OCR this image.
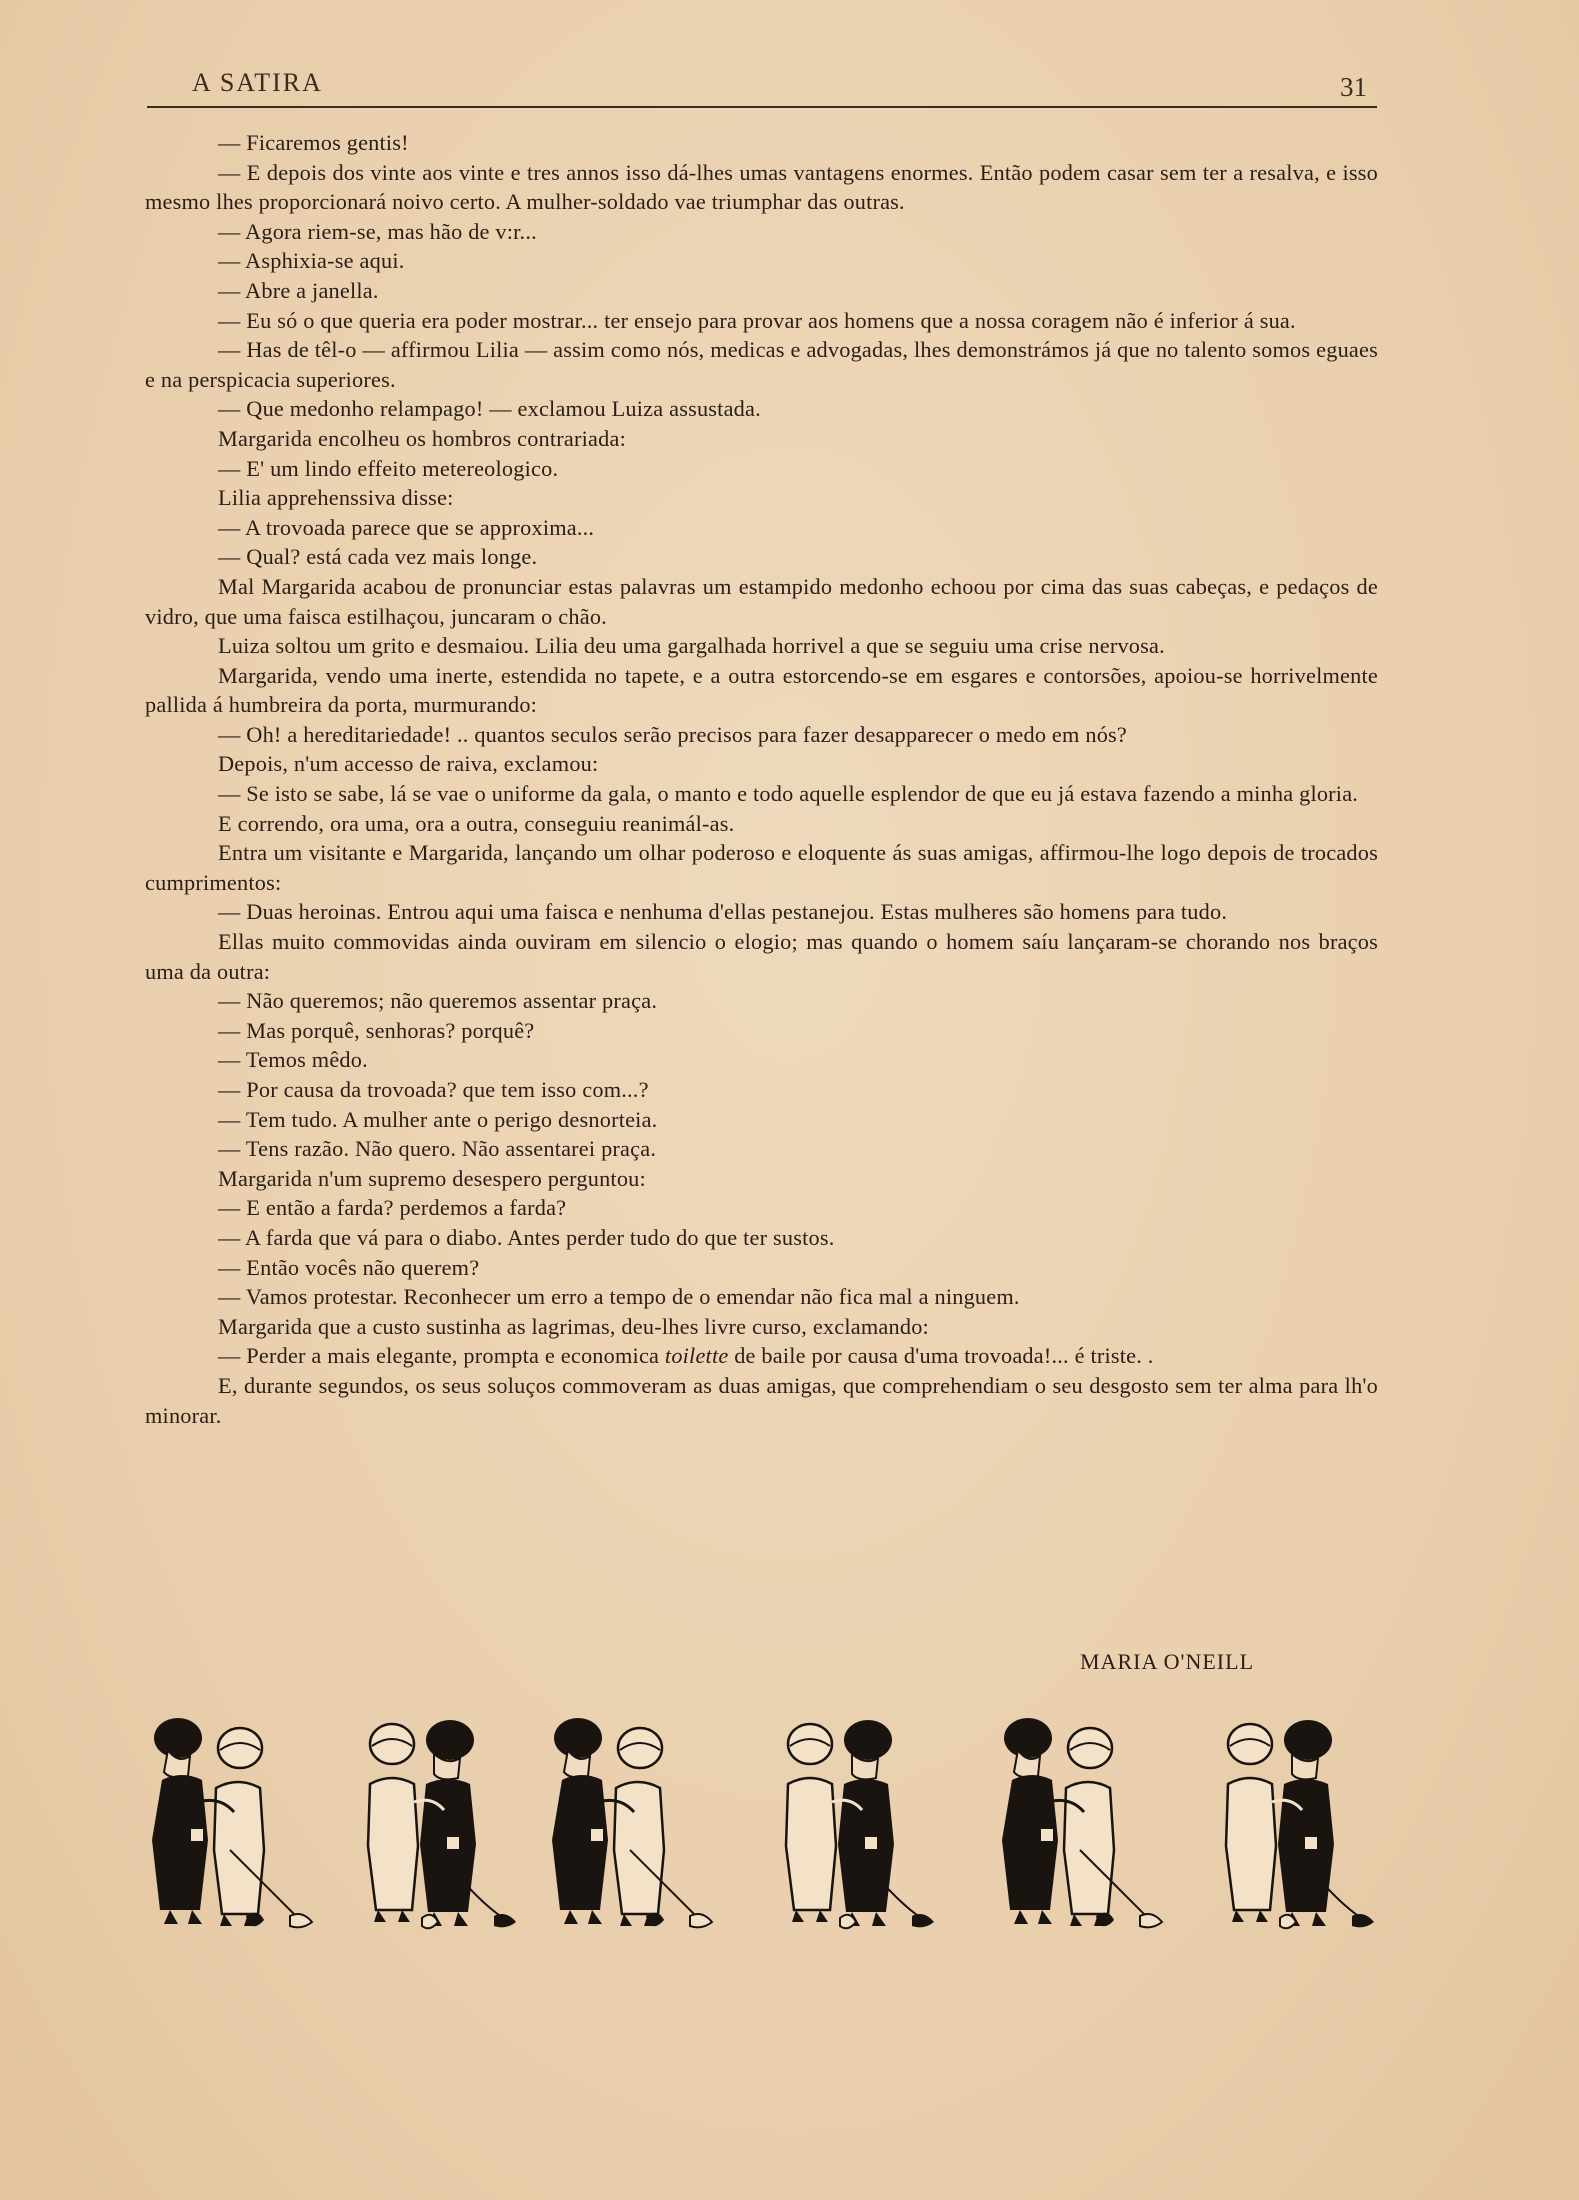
A SATIRA	31

— Ficaremos gentis!

— E depois dos vinte aos vinte e tres annos isso dá-lhes umas vantagens enormes. Então podem casar sem ter a resalva, e isso mesmo lhes proporcionará noivo certo. A mulher-soldado vae triumphar das outras.

— Agora riem-se, mas hão de v:r...

— Asphixia-se aqui.

— Abre a janella.

— Eu só o que queria era poder mostrar... ter ensejo para provar aos homens que a nossa coragem não é inferior á sua.

— Has de têl-o — affirmou Lilia — assim como nós, medicas e advogadas, lhes demonstrámos já que no talento somos eguaes e na perspicacia superiores.

— Que medonho relampago! — exclamou Luiza assustada.

Margarida encolheu os hombros contrariada:

— E' um lindo effeito metereologico.

Lilia apprehenssiva disse:

— A trovoada parece que se approxima...

— Qual? está cada vez mais longe.

Mal Margarida acabou de pronunciar estas palavras um estampido medonho echoou por cima das suas cabeças, e pedaços de vidro, que uma faisca estilhaçou, juncaram o chão.

Luiza soltou um grito e desmaiou. Lilia deu uma gargalhada horrivel a que se seguiu uma crise nervosa.

Margarida, vendo uma inerte, estendida no tapete, e a outra estorcendo-se em esgares e contorsões, apoiou-se horrivelmente pallida á humbreira da porta, murmurando:

— Oh! a hereditariedade! .. quantos seculos serão precisos para fazer desapparecer o medo em nós?

Depois, n'um accesso de raiva, exclamou:

— Se isto se sabe, lá se vae o uniforme da gala, o manto e todo aquelle esplendor de que eu já estava fazendo a minha gloria.

E correndo, ora uma, ora a outra, conseguiu reanimál-as.

Entra um visitante e Margarida, lançando um olhar poderoso e eloquente ás suas amigas, affirmou-lhe logo depois de trocados cumprimentos:

— Duas heroinas. Entrou aqui uma faisca e nenhuma d'ellas pestanejou. Estas mulheres são homens para tudo.

Ellas muito commovidas ainda ouviram em silencio o elogio; mas quando o homem saíu lançaram-se chorando nos braços uma da outra:

— Não queremos; não queremos assentar praça.

— Mas porquê, senhoras? porquê?

— Temos mêdo.

— Por causa da trovoada? que tem isso com...?

— Tem tudo. A mulher ante o perigo desnorteia.

— Tens razão. Não quero. Não assentarei praça.

Margarida n'um supremo desespero perguntou:

— E então a farda? perdemos a farda?

— A farda que vá para o diabo. Antes perder tudo do que ter sustos.

— Então vocês não querem?

— Vamos protestar. Reconhecer um erro a tempo de o emendar não fica mal a ninguem.

Margarida que a custo sustinha as lagrimas, deu-lhes livre curso, exclamando:

— Perder a mais elegante, prompta e economica toilette de baile por causa d'uma trovoada!... é triste. .

E, durante segundos, os seus soluços commoveram as duas amigas, que comprehendiam o seu desgosto sem ter alma para lh'o minorar.

MARIA O'NEILL
